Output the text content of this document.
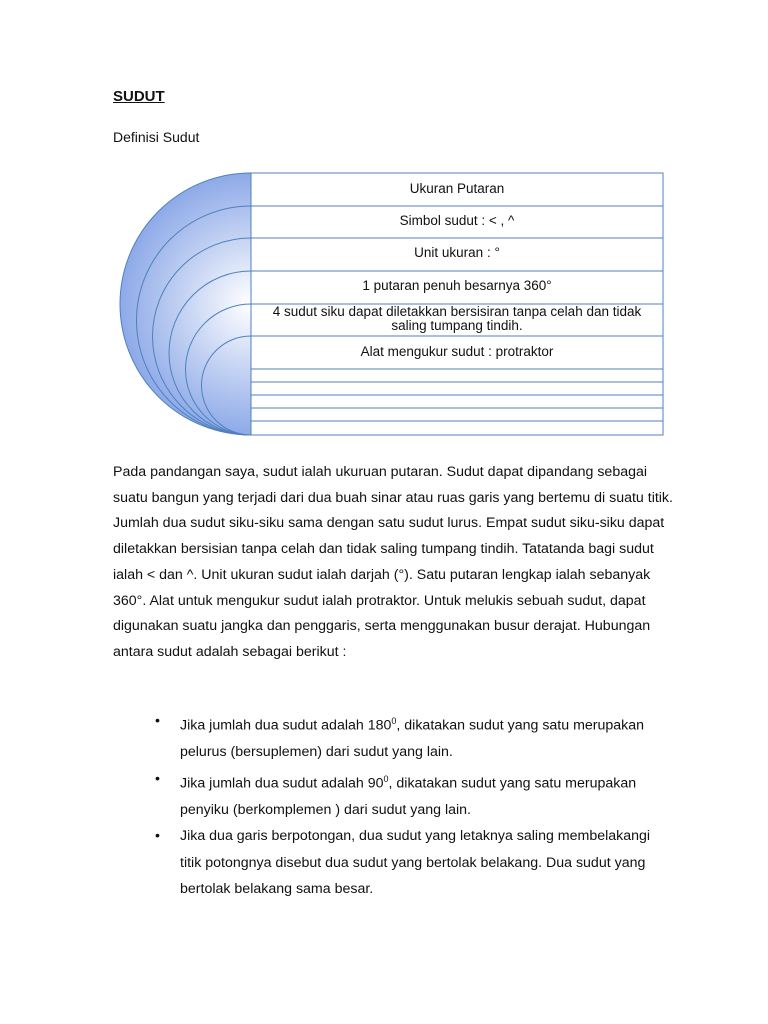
SUDUT
Definisi Sudut
Ukuran Putaran
Simbol sudut : < , ^
Unit ukuran : °
1 putaran penuh besarnya 360°
4 sudut siku dapat diletakkan bersisiran tanpa celah dan tidak saling tumpang tindih.
Alat mengukur sudut : protraktor

Pada pandangan saya, sudut ialah ukuruan putaran. Sudut dapat dipandang sebagai suatu bangun yang terjadi dari dua buah sinar atau ruas garis yang bertemu di suatu titik. Jumlah dua sudut siku-siku sama dengan satu sudut lurus. Empat sudut siku-siku dapat diletakkan bersisian tanpa celah dan tidak saling tumpang tindih. Tatatanda bagi sudut ialah < dan ^. Unit ukuran sudut ialah darjah (°). Satu putaran lengkap ialah sebanyak 360°. Alat untuk mengukur sudut ialah protraktor. Untuk melukis sebuah sudut, dapat digunakan suatu jangka dan penggaris, serta menggunakan busur derajat. Hubungan antara sudut adalah sebagai berikut :

• Jika jumlah dua sudut adalah $180^0$, dikatakan sudut yang satu merupakan pelurus (bersuplemen) dari sudut yang lain.
• Jika jumlah dua sudut adalah $90^0$, dikatakan sudut yang satu merupakan penyiku (berkomplemen ) dari sudut yang lain.
• Jika dua garis berpotongan, dua sudut yang letaknya saling membelakangi titik potongnya disebut dua sudut yang bertolak belakang. Dua sudut yang bertolak belakang sama besar.
